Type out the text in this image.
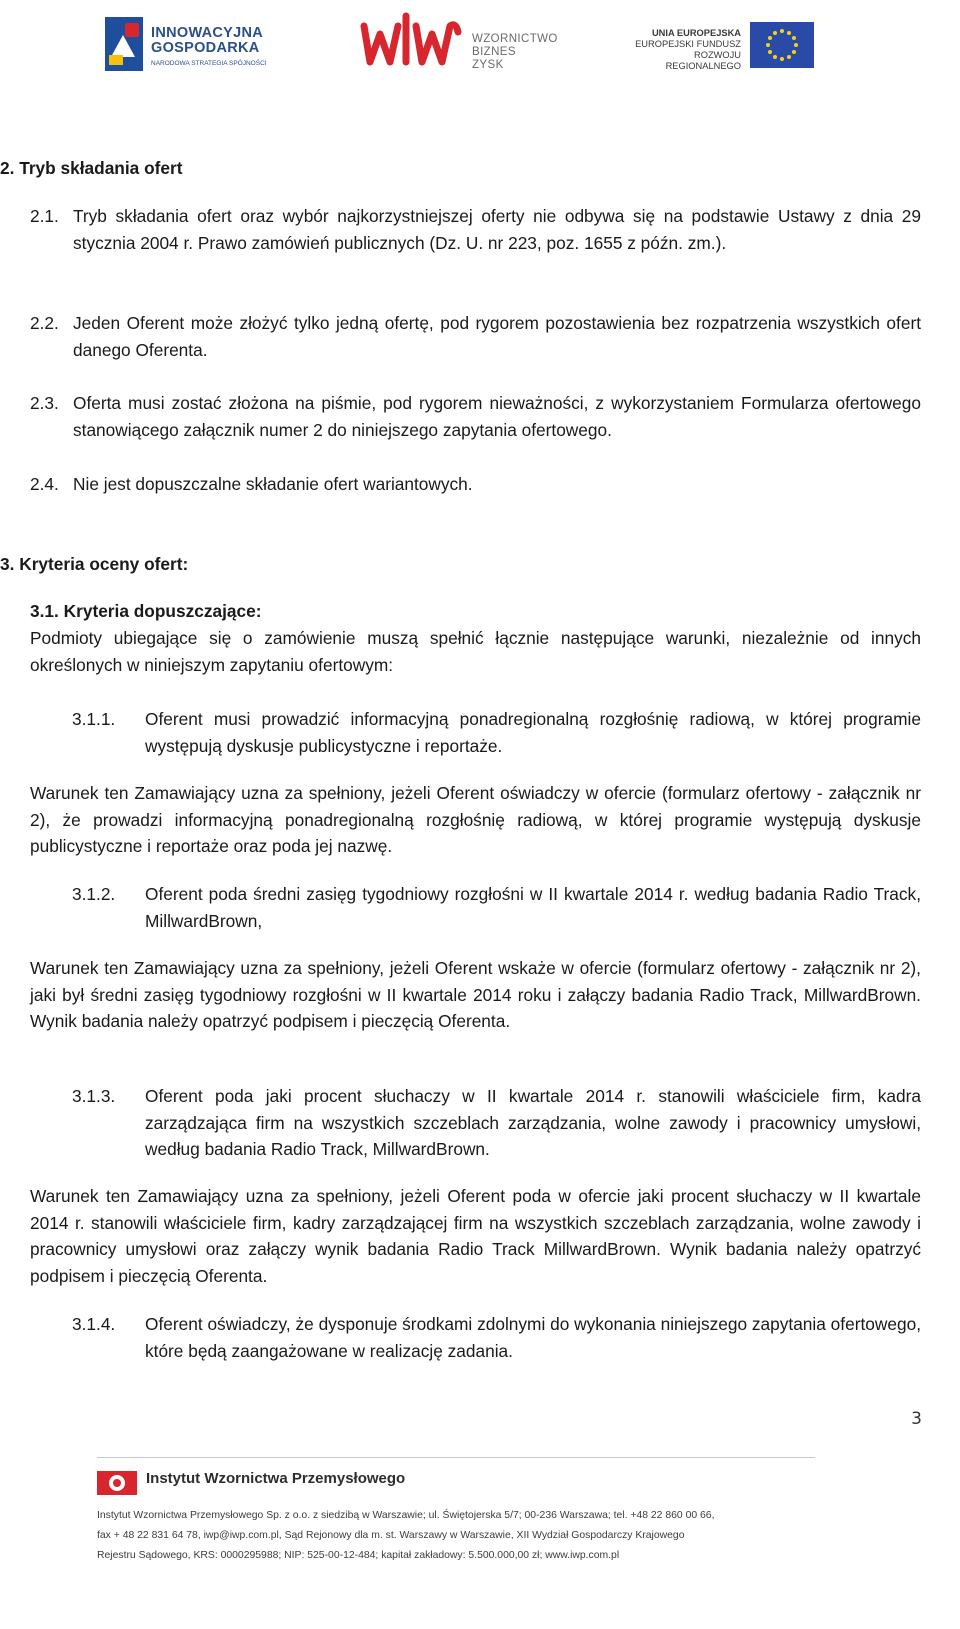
INNOWACYJNA
GOSPODARKA
NARODOWA STRATEGIA SPÓJNOŚCI
WZORNICTWO
BIZNES
ZYSK
UNIA EUROPEJSKA
EUROPEJSKI FUNDUSZ
ROZWOJU REGIONALNEGO
2. Tryb składania ofert
2.1. Tryb składania ofert oraz wybór najkorzystniejszej oferty nie odbywa się na podstawie Ustawy z dnia 29 stycznia 2004 r. Prawo zamówień publicznych (Dz. U. nr 223, poz. 1655 z późn. zm.).
2.2. Jeden Oferent może złożyć tylko jedną ofertę, pod rygorem pozostawienia bez rozpatrzenia wszystkich ofert danego Oferenta.
2.3. Oferta musi zostać złożona na piśmie, pod rygorem nieważności, z wykorzystaniem Formularza ofertowego stanowiącego załącznik numer 2 do niniejszego zapytania ofertowego.
2.4. Nie jest dopuszczalne składanie ofert wariantowych.
3. Kryteria oceny ofert:
3.1. Kryteria dopuszczające:
Podmioty ubiegające się o zamówienie muszą spełnić łącznie następujące warunki, niezależnie od innych określonych w niniejszym zapytaniu ofertowym:
3.1.1. Oferent musi prowadzić informacyjną ponadregionalną rozgłośnię radiową, w której programie występują dyskusje publicystyczne i reportaże.
Warunek ten Zamawiający uzna za spełniony, jeżeli Oferent oświadczy w ofercie (formularz ofertowy - załącznik nr 2), że prowadzi informacyjną ponadregionalną rozgłośnię radiową, w której programie występują dyskusje publicystyczne i reportaże oraz poda jej nazwę.
3.1.2. Oferent poda średni zasięg tygodniowy rozgłośni w II kwartale 2014 r. według badania Radio Track, MillwardBrown,
Warunek ten Zamawiający uzna za spełniony, jeżeli Oferent wskaże w ofercie (formularz ofertowy - załącznik nr 2), jaki był średni zasięg tygodniowy rozgłośni w II kwartale 2014 roku i załączy badania Radio Track, MillwardBrown. Wynik badania należy opatrzyć podpisem i pieczęcią Oferenta.
3.1.3. Oferent poda jaki procent słuchaczy w II kwartale 2014 r. stanowili właściciele firm, kadra zarządzająca firm na wszystkich szczeblach zarządzania, wolne zawody i pracownicy umysłowi, według badania Radio Track, MillwardBrown.
Warunek ten Zamawiający uzna za spełniony, jeżeli Oferent poda w ofercie jaki procent słuchaczy w II kwartale 2014 r. stanowili właściciele firm, kadry zarządzającej firm na wszystkich szczeblach zarządzania, wolne zawody i pracownicy umysłowi oraz załączy wynik badania Radio Track MillwardBrown. Wynik badania należy opatrzyć podpisem i pieczęcią Oferenta.
3.1.4. Oferent oświadczy, że dysponuje środkami zdolnymi do wykonania niniejszego zapytania ofertowego, które będą zaangażowane w realizację zadania.
3
Instytut Wzornictwa Przemysłowego
Instytut Wzornictwa Przemysłowego Sp. z o.o. z siedzibą w Warszawie; ul. Świętojerska 5/7; 00-236 Warszawa; tel. +48 22 860 00 66,
fax + 48 22 831 64 78, iwp@iwp.com.pl, Sąd Rejonowy dla m. st. Warszawy w Warszawie, XII Wydział Gospodarczy Krajowego
Rejestru Sądowego, KRS: 0000295988; NIP: 525-00-12-484; kapitał zakładowy: 5.500.000,00 zł; www.iwp.com.pl
